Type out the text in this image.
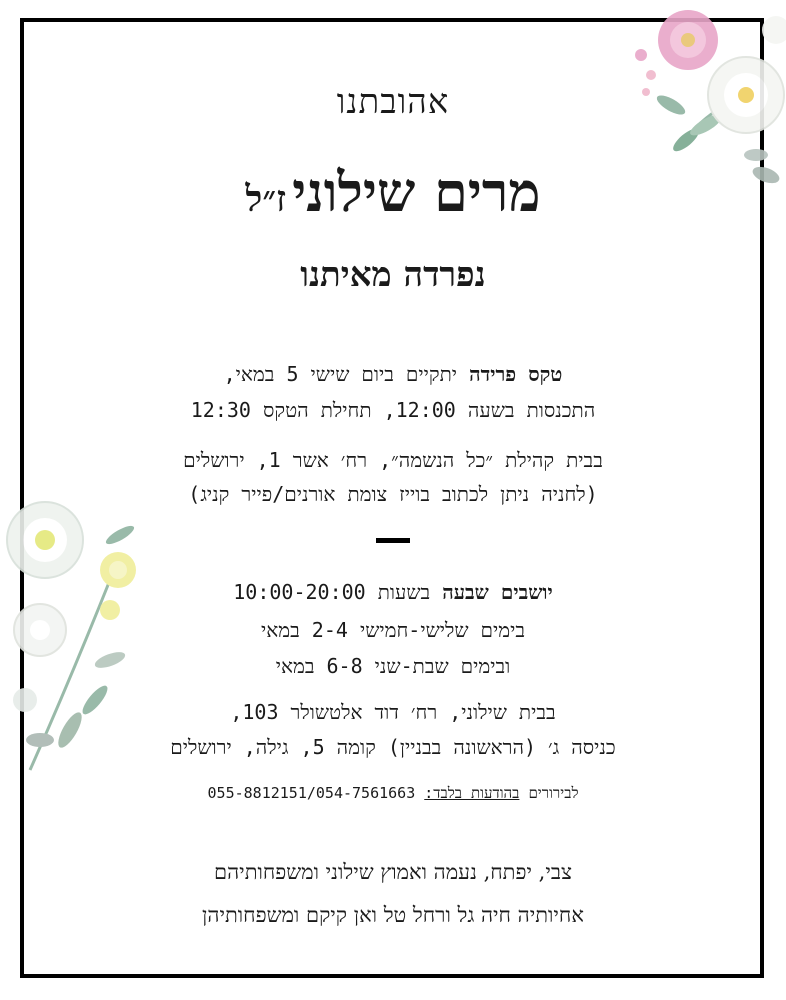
אהובתנו
מרים שילוניז״ל
נפרדה מאיתנו
טקס פרידה יתקיים ביום שישי 5 במאי,
התכנסות בשעה 12:00, תחילת הטקס 12:30
בבית קהילת ״כל הנשמה״, רח׳ אשר 1, ירושלים
(לחניה ניתן לכתוב בוייז צומת אורנים/פייר קניג)
יושבים שבעה בשעות 10:00-20:00
בימים שלישי-חמישי 2-4 במאי
ובימים שבת-שני 6-8 במאי
בבית שילוני, רח׳ דוד אלטשולר 103,
כניסה ג׳ (הראשונה בבניין) קומה 5, גילה, ירושלים
לבירורים בהודעות בלבד: 055-8812151/054-7561663
צבי, יפתח, נעמה ואמוץ שילוני ומשפחותיהם
אחיותיה חיה גל ורחל טל ואן קיקם ומשפחותיהן
